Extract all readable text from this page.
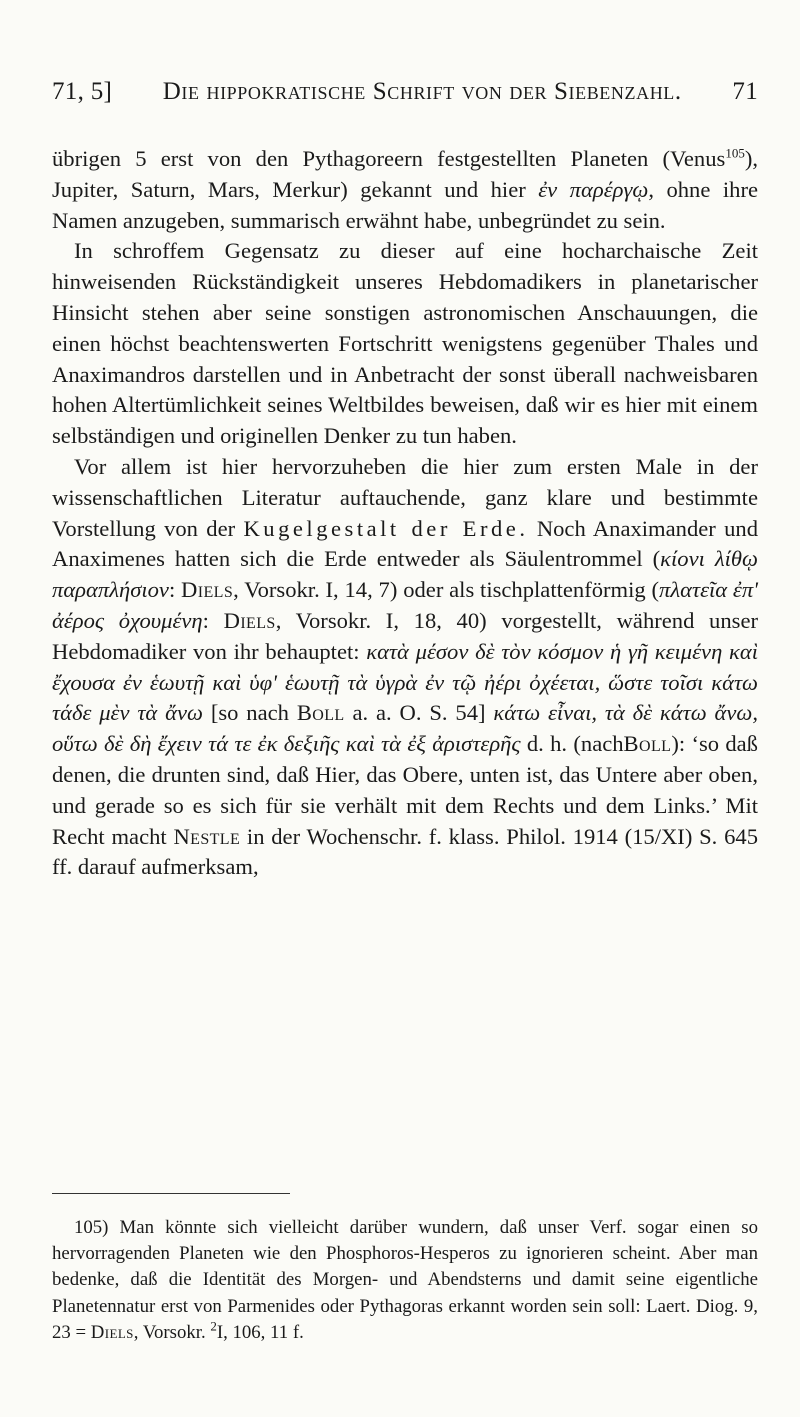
71, 5] Die hippokratische Schrift von der Siebenzahl. 71

übrigen 5 erst von den Pythagoreern festgestellten Planeten (Venus$^{105}$), Jupiter, Saturn, Mars, Merkur) gekannt und hier ἐν παρέργῳ, ohne ihre Namen anzugeben, summarisch erwähnt habe, unbegründet zu sein.

In schroffem Gegensatz zu dieser auf eine hocharchaische Zeit hinweisenden Rückständigkeit unseres Hebdomadikers in planetarischer Hinsicht stehen aber seine sonstigen astronomischen Anschauungen, die einen höchst beachtenswerten Fortschritt wenigstens gegenüber Thales und Anaximandros darstellen und in Anbetracht der sonst überall nachweisbaren hohen Altertümlichkeit seines Weltbildes beweisen, daß wir es hier mit einem selbständigen und originellen Denker zu tun haben.

Vor allem ist hier hervorzuheben die hier zum ersten Male in der wissenschaftlichen Literatur auftauchende, ganz klare und bestimmte Vorstellung von der Kugelgestalt der Erde. Noch Anaximander und Anaximenes hatten sich die Erde entweder als Säulentrommel (κίονι λίθῳ παραπλήσιον: Diels, Vorsokr. I, 14, 7) oder als tischplattenförmig (πλατεῖα ἐπ' ἀέρος ὀχουμένη: Diels, Vorsokr. I, 18, 40) vorgestellt, während unser Hebdomadiker von ihr behauptet: κατὰ μέσον δὲ τὸν κόσμον ἡ γῆ κειμένη καὶ ἔχουσα ἐν ἑωυτῇ καὶ ὑφ' ἑωυτῇ τὰ ὑγρὰ ἐν τῷ ἠέρι ὀχέεται, ὥστε τοῖσι κάτω τάδε μὲν τὰ ἄνω [so nach Boll a. a. O. S. 54] κάτω εἶναι, τὰ δὲ κάτω ἄνω, οὕτω δὲ δὴ ἔχειν τά τε ἐκ δεξιῆς καὶ τὰ ἐξ ἀριστερῆς d. h. (nachBoll): ‘so daß denen, die drunten sind, daß Hier, das Obere, unten ist, das Untere aber oben, und gerade so es sich für sie verhält mit dem Rechts und dem Links.’ Mit Recht macht Nestle in der Wochenschr. f. klass. Philol. 1914 (15/XI) S. 645 ff. darauf aufmerksam,

105) Man könnte sich vielleicht darüber wundern, daß unser Verf. sogar einen so hervorragenden Planeten wie den Phosphoros-Hesperos zu ignorieren scheint. Aber man bedenke, daß die Identität des Morgen- und Abendsterns und damit seine eigentliche Planetennatur erst von Parmenides oder Pythagoras erkannt worden sein soll: Laert. Diog. 9, 23 = Diels, Vorsokr. $^2$I, 106, 11 f.
